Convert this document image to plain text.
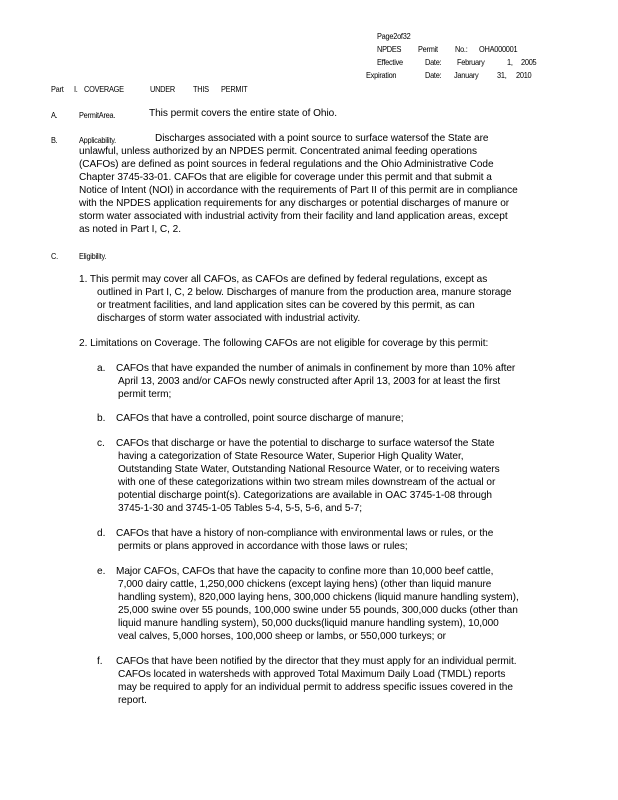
Page2of32
NPDES Permit No.: OHA000001
Effective	Date: February	1, 2005
Expiration	Date: January 31, 2010
Part I. COVERAGE	UNDER THIS PERMIT
A.	PermitArea.	This permit covers the entire state of Ohio.
B.	Applicability.	Discharges associated with a point source to surface watersof the State are
unlawful, unless authorized by an NPDES permit. Concentrated animal feeding operations
(CAFOs) are defined as point sources in federal regulations and the Ohio Administrative Code
Chapter 3745-33-01. CAFOs that are eligible for coverage under this permit and that submit a
Notice of Intent (NOI) in accordance with the requirements of Part II of this permit are in compliance
with the NPDES application requirements for any discharges or potential discharges of manure or
storm water associated with industrial activity from their facility and land application areas, except
as noted in Part I, C, 2.
C. Eligibility.
1. This permit may cover all CAFOs, as CAFOs are defined by federal regulations, except as
outlined in Part I, C, 2 below. Discharges of manure from the production area, manure storage
or treatment facilities, and land application sites can be covered by this permit, as can
discharges of storm water associated with industrial activity.
2. Limitations on Coverage. The following CAFOs are not eligible for coverage by this permit:
a. CAFOs that have expanded the number of animals in confinement by more than 10% after
April 13, 2003 and/or CAFOs newly constructed after April 13, 2003 for at least the first
permit term;
b. CAFOs that have a controlled, point source discharge of manure;
c. CAFOs that discharge or have the potential to discharge to surface watersof the State
having a categorization of State Resource Water, Superior High Quality Water,
Outstanding State Water, Outstanding National Resource Water, or to receiving waters
with one of these categorizations within two stream miles downstream of the actual or
potential discharge point(s). Categorizations are available in OAC 3745-1-08 through
3745-1-30 and 3745-1-05 Tables 5-4, 5-5, 5-6, and 5-7;
d. CAFOs that have a history of non-compliance with environmental laws or rules, or the
permits or plans approved in accordance with those laws or rules;
e. Major CAFOs, CAFOs that have the capacity to confine more than 10,000 beef cattle,
7,000 dairy cattle, 1,250,000 chickens (except laying hens) (other than liquid manure
handling system), 820,000 laying hens, 300,000 chickens (liquid manure handling system),
25,000 swine over 55 pounds, 100,000 swine under 55 pounds, 300,000 ducks (other than
liquid manure handling system), 50,000 ducks(liquid manure handling system), 10,000
veal calves, 5,000 horses, 100,000 sheep or lambs, or 550,000 turkeys; or
f. CAFOs that have been notified by the director that they must apply for an individual permit.
CAFOs located in watersheds with approved Total Maximum Daily Load (TMDL) reports
may be required to apply for an individual permit to address specific issues covered in the
report.
